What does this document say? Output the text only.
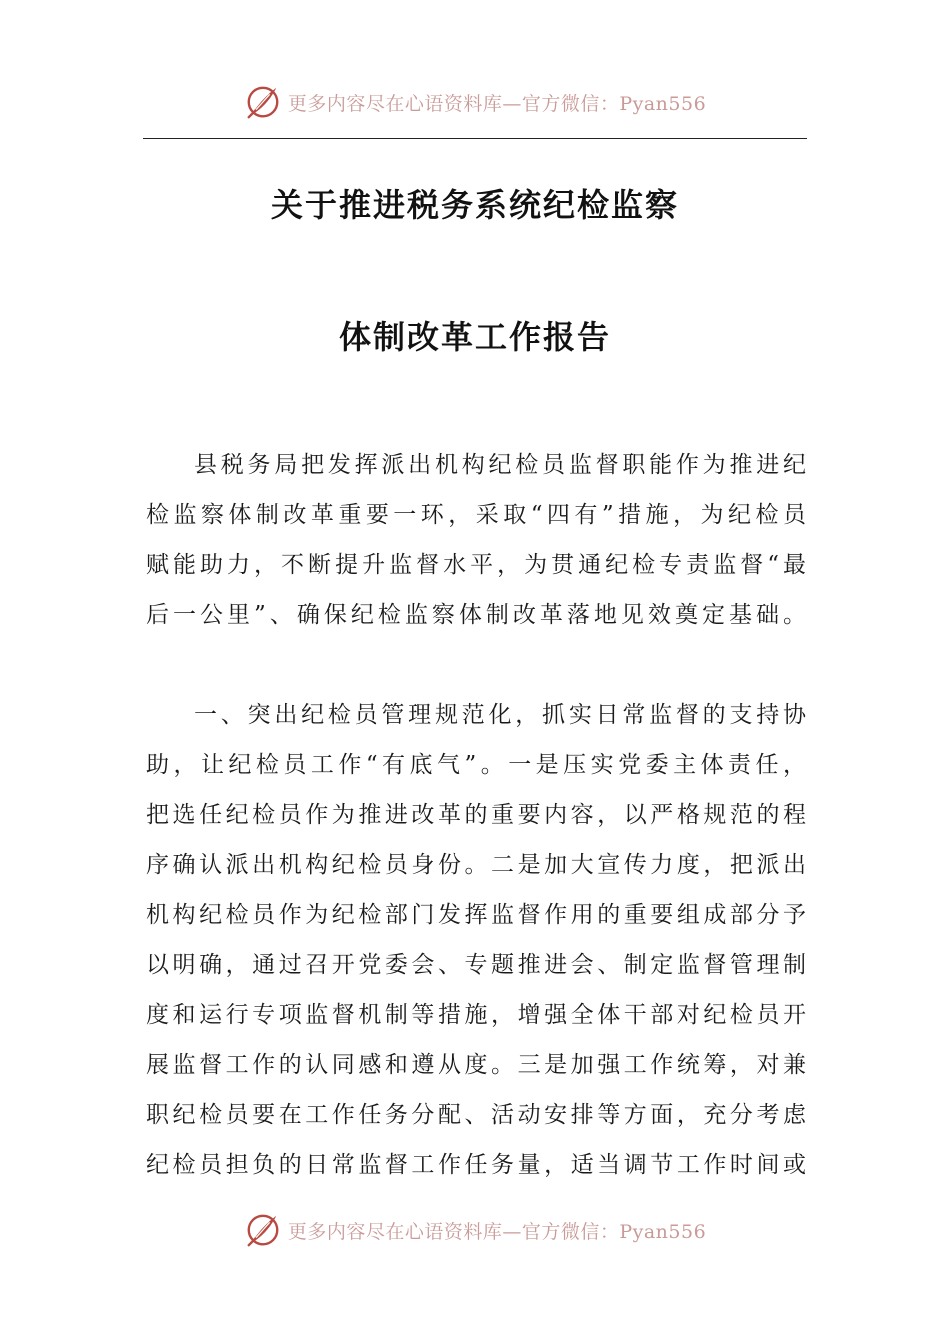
更多内容尽在心语资料库—官方微信：Pyan556
关于推进税务系统纪检监察
体制改革工作报告
县税务局把发挥派出机构纪检员监督职能作为推进纪
检监察体制改革重要一环，采取“四有”措施，为纪检员
赋能助力，不断提升监督水平，为贯通纪检专责监督“最
后一公里”、确保纪检监察体制改革落地见效奠定基础。
一、突出纪检员管理规范化，抓实日常监督的支持协
助，让纪检员工作“有底气”。一是压实党委主体责任，
把选任纪检员作为推进改革的重要内容，以严格规范的程
序确认派出机构纪检员身份。二是加大宣传力度，把派出
机构纪检员作为纪检部门发挥监督作用的重要组成部分予
以明确，通过召开党委会、专题推进会、制定监督管理制
度和运行专项监督机制等措施，增强全体干部对纪检员开
展监督工作的认同感和遵从度。三是加强工作统筹，对兼
职纪检员要在工作任务分配、活动安排等方面，充分考虑
纪检员担负的日常监督工作任务量，适当调节工作时间或
更多内容尽在心语资料库—官方微信：Pyan556
